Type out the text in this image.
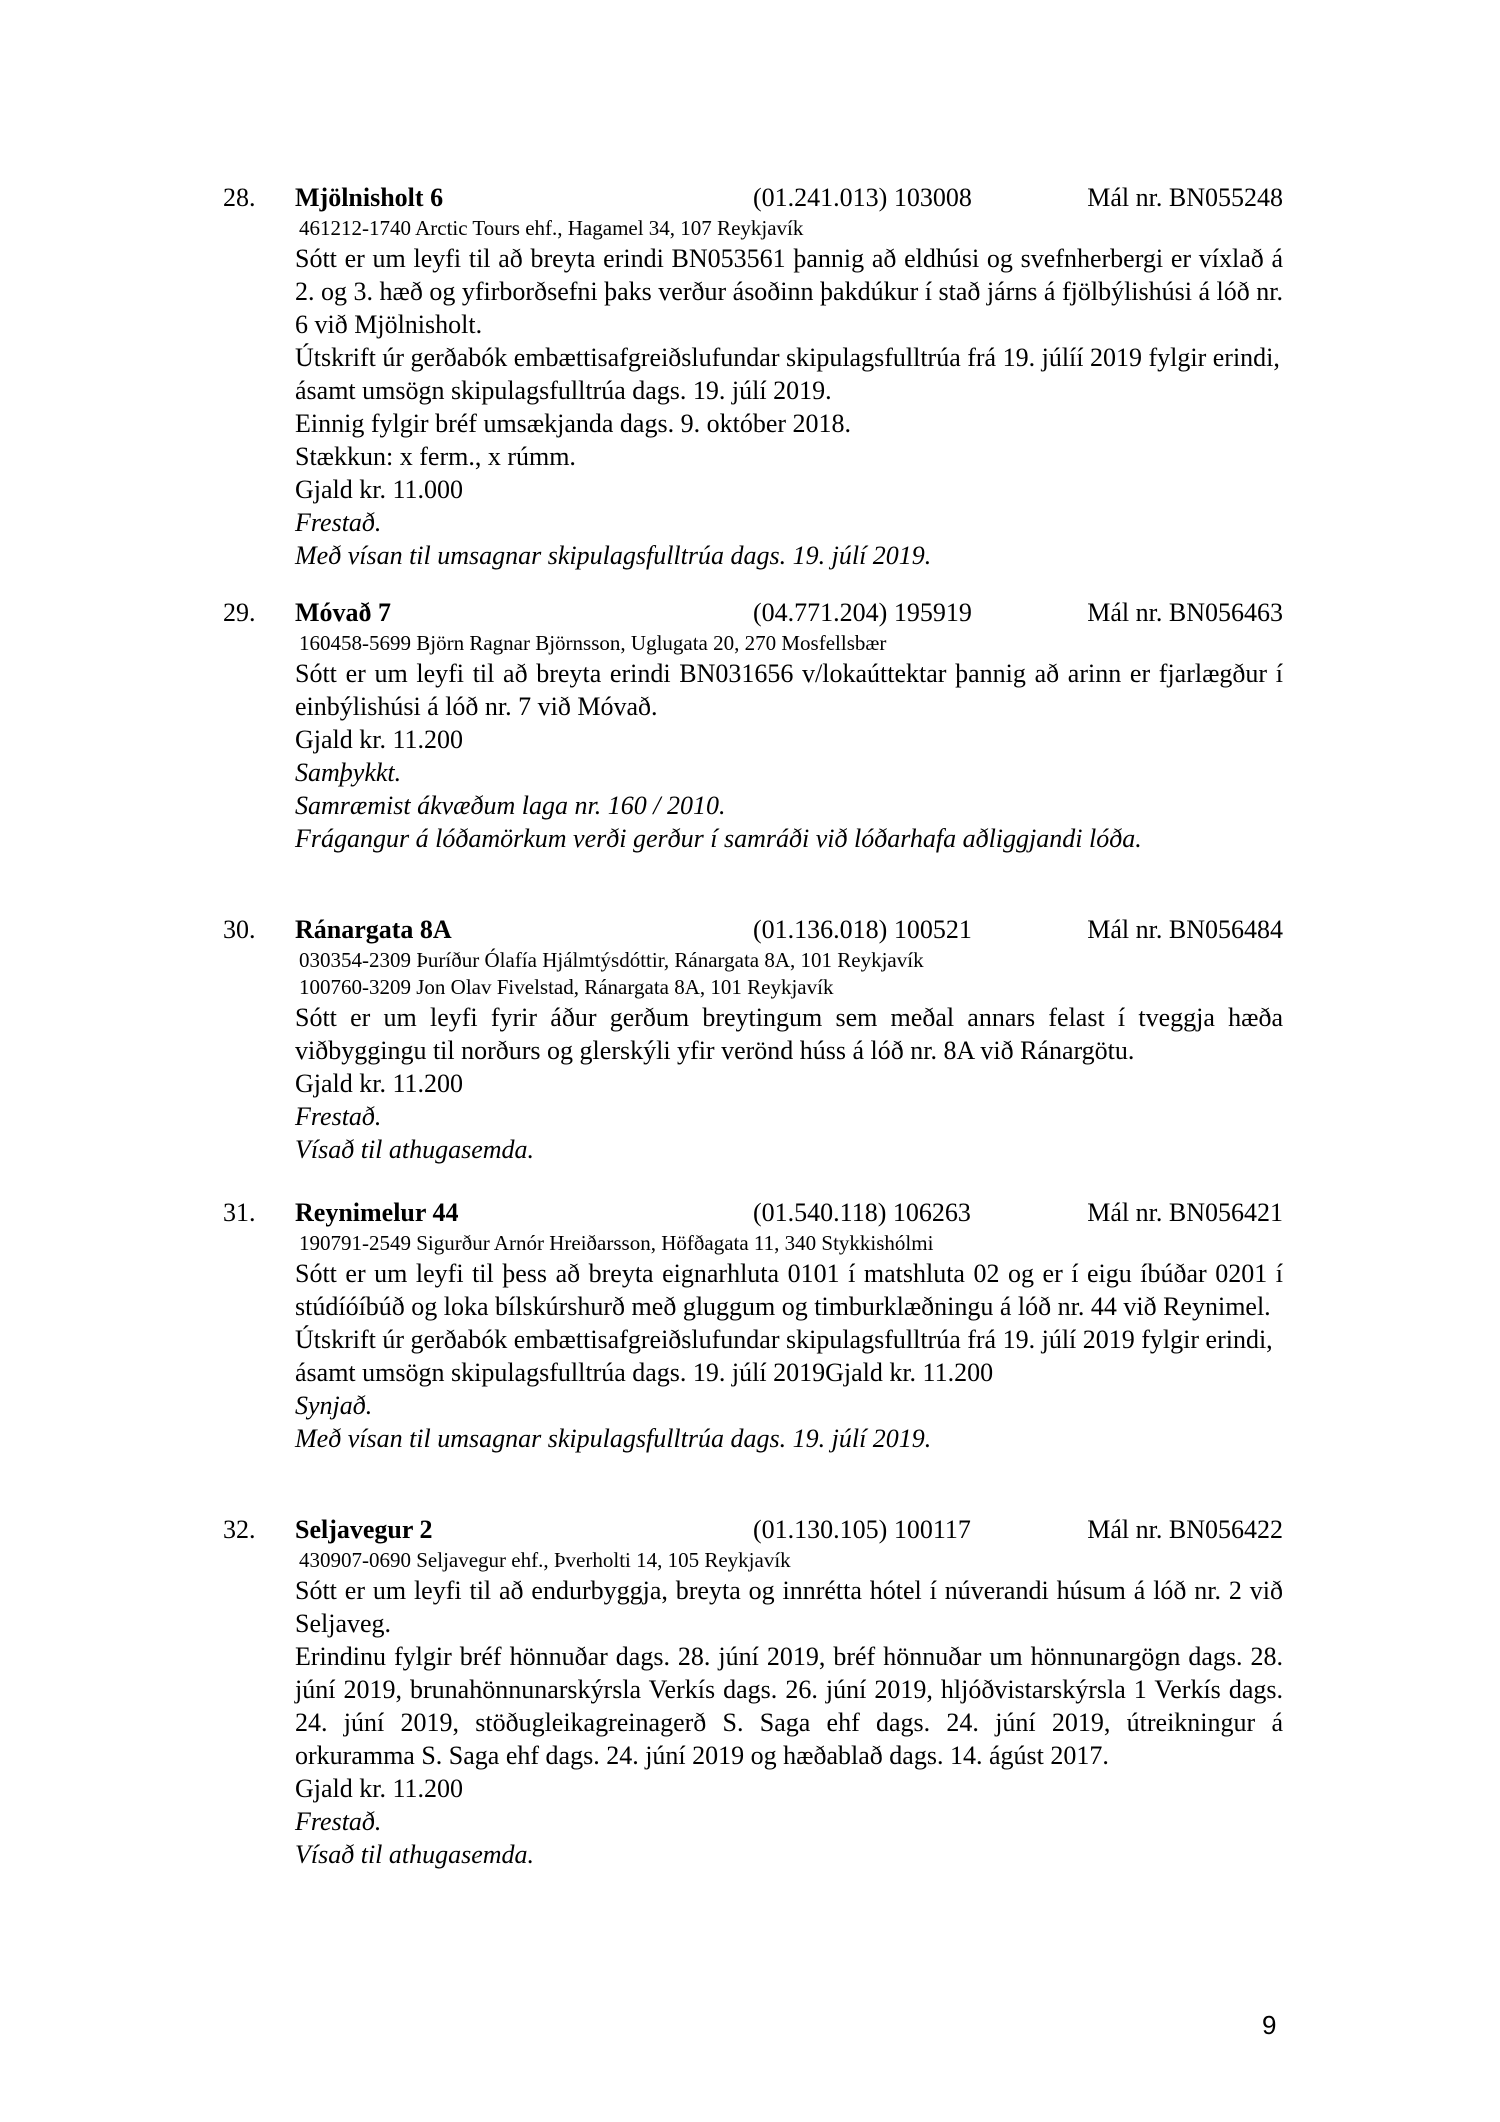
28. Mjölnisholt 6	(01.241.013) 103008	Mál nr. BN055248
461212-1740 Arctic Tours ehf., Hagamel 34, 107 Reykjavík

Sótt er um leyfi til að breyta erindi BN053561 þannig að eldhúsi og svefnherbergi er víxlað á 2. og 3. hæð og yfirborðsefni þaks verður ásoðinn þakdúkur í stað járns á fjölbýlishúsi á lóð nr. 6 við Mjölnisholt.

Útskrift úr gerðabók embættisafgreiðslufundar skipulagsfulltrúa frá 19. júlíí 2019 fylgir erindi, ásamt umsögn skipulagsfulltrúa dags. 19. júlí 2019.

Einnig fylgir bréf umsækjanda dags. 9. október 2018.

Stækkun: x ferm., x rúmm.

Gjald kr. 11.000

Frestað.

Með vísan til umsagnar skipulagsfulltrúa dags. 19. júlí 2019.

29. Móvað 7	(04.771.204) 195919	Mál nr. BN056463
160458-5699 Björn Ragnar Björnsson, Uglugata 20, 270 Mosfellsbær

Sótt er um leyfi til að breyta erindi BN031656 v/lokaúttektar þannig að arinn er fjarlægður í einbýlishúsi á lóð nr. 7 við Móvað.

Gjald kr. 11.200

Samþykkt.

Samræmist ákvæðum laga nr. 160 / 2010.

Frágangur á lóðamörkum verði gerður í samráði við lóðarhafa aðliggjandi lóða.

30. Ránargata 8A	(01.136.018) 100521	Mál nr. BN056484
030354-2309 Þuríður Ólafía Hjálmtýsdóttir, Ránargata 8A, 101 Reykjavík
100760-3209 Jon Olav Fivelstad, Ránargata 8A, 101 Reykjavík

Sótt er um leyfi fyrir áður gerðum breytingum sem meðal annars felast í tveggja hæða viðbyggingu til norðurs og glerskýli yfir verönd húss á lóð nr. 8A við Ránargötu.

Gjald kr. 11.200

Frestað.

Vísað til athugasemda.

31. Reynimelur 44	(01.540.118) 106263	Mál nr. BN056421
190791-2549 Sigurður Arnór Hreiðarsson, Höfðagata 11, 340 Stykkishólmi

Sótt er um leyfi til þess að breyta eignarhluta 0101 í matshluta 02 og er í eigu íbúðar 0201 í stúdíóíbúð og loka bílskúrshurð með gluggum og timburklæðningu á lóð nr. 44 við Reynimel.

Útskrift úr gerðabók embættisafgreiðslufundar skipulagsfulltrúa frá 19. júlí 2019 fylgir erindi, ásamt umsögn skipulagsfulltrúa dags. 19. júlí 2019Gjald kr. 11.200

Synjað.

Með vísan til umsagnar skipulagsfulltrúa dags. 19. júlí 2019.

32. Seljavegur 2	(01.130.105) 100117	Mál nr. BN056422
430907-0690 Seljavegur ehf., Þverholti 14, 105 Reykjavík

Sótt er um leyfi til að endurbyggja, breyta og innrétta hótel í núverandi húsum á lóð nr. 2 við Seljaveg.

Erindinu fylgir bréf hönnuðar dags. 28. júní 2019, bréf hönnuðar um hönnunargögn dags. 28. júní 2019, brunahönnunarskýrsla Verkís dags. 26. júní 2019, hljóðvistarskýrsla 1 Verkís dags. 24. júní 2019, stöðugleikagreinagerð S. Saga ehf dags. 24. júní 2019, útreikningur á orkuramma S. Saga ehf dags. 24. júní 2019 og hæðablað dags. 14. ágúst 2017.

Gjald kr. 11.200

Frestað.

Vísað til athugasemda.

9
